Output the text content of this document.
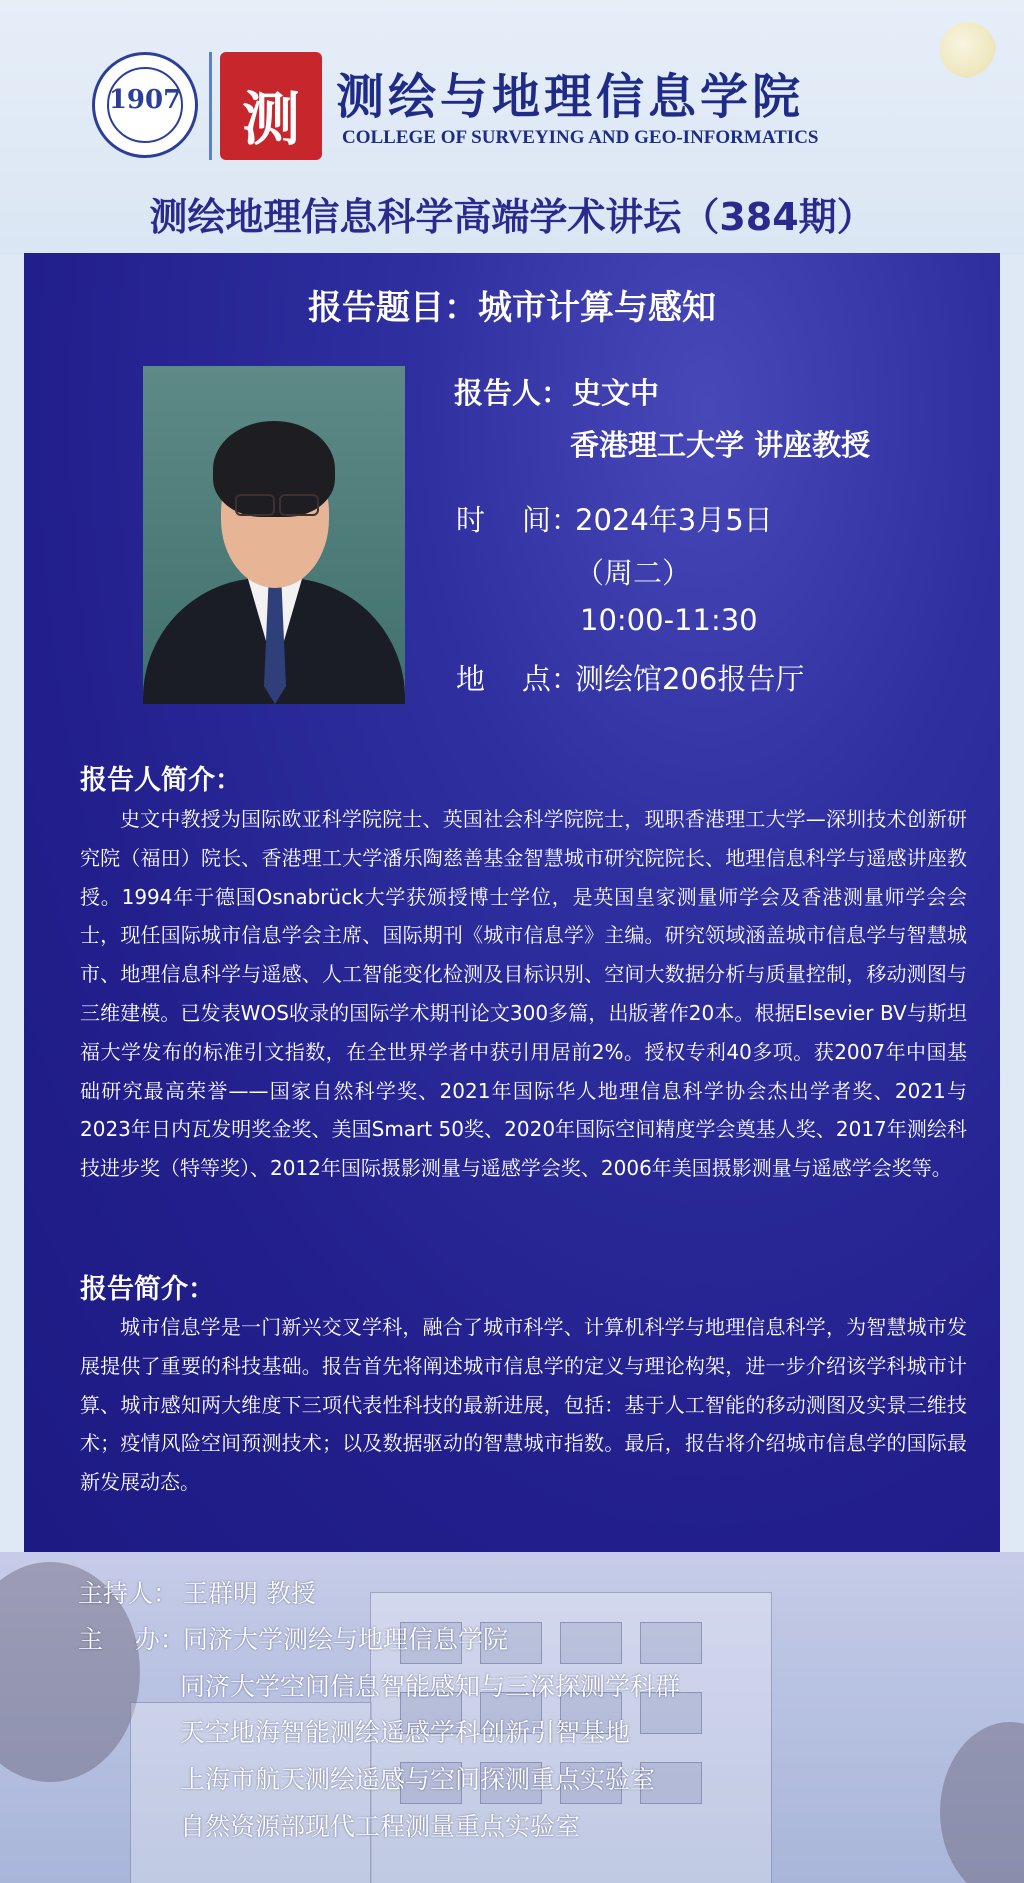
1907	测 测绘与地理信息学院
COLLEGE OF SURVEYING AND GEO-INFORMATICS
测绘地理信息科学高端学术讲坛（384期）
报告题目：城市计算与感知
报告人： 史文中
香港理工大学 讲座教授
时    间：
2024年3月5日
（周二）
10:00-11:30
地    点：
测绘馆206报告厅
报告人简介：
史文中教授为国际欧亚科学院院士、英国社会科学院院士，现职香港理工大学—深圳技术创新研究院（福田）院长、香港理工大学潘乐陶慈善基金智慧城市研究院院长、地理信息科学与遥感讲座教授。1994年于德国Osnabrück大学获颁授博士学位，是英国皇家测量师学会及香港测量师学会会士，现任国际城市信息学会主席、国际期刊《城市信息学》主编。研究领域涵盖城市信息学与智慧城市、地理信息科学与遥感、人工智能变化检测及目标识别、空间大数据分析与质量控制，移动测图与三维建模。已发表WOS收录的国际学术期刊论文300多篇，出版著作20本。根据Elsevier BV与斯坦福大学发布的标准引文指数，在全世界学者中获引用居前2%。授权专利40多项。获2007年中国基础研究最高荣誉——国家自然科学奖、2021年国际华人地理信息科学协会杰出学者奖、2021与2023年日内瓦发明奖金奖、美国Smart 50奖、2020年国际空间精度学会奠基人奖、2017年测绘科技进步奖（特等奖）、2012年国际摄影测量与遥感学会奖、2006年美国摄影测量与遥感学会奖等。
报告简介：
城市信息学是一门新兴交叉学科，融合了城市科学、计算机科学与地理信息科学，为智慧城市发展提供了重要的科技基础。报告首先将阐述城市信息学的定义与理论构架，进一步介绍该学科城市计算、城市感知两大维度下三项代表性科技的最新进展，包括：基于人工智能的移动测图及实景三维技术；疫情风险空间预测技术；以及数据驱动的智慧城市指数。最后，报告将介绍城市信息学的国际最新发展动态。
主持人： 王群明 教授
主    办：
同济大学测绘与地理信息学院
同济大学空间信息智能感知与三深探测学科群
天空地海智能测绘遥感学科创新引智基地
上海市航天测绘遥感与空间探测重点实验室
自然资源部现代工程测量重点实验室
